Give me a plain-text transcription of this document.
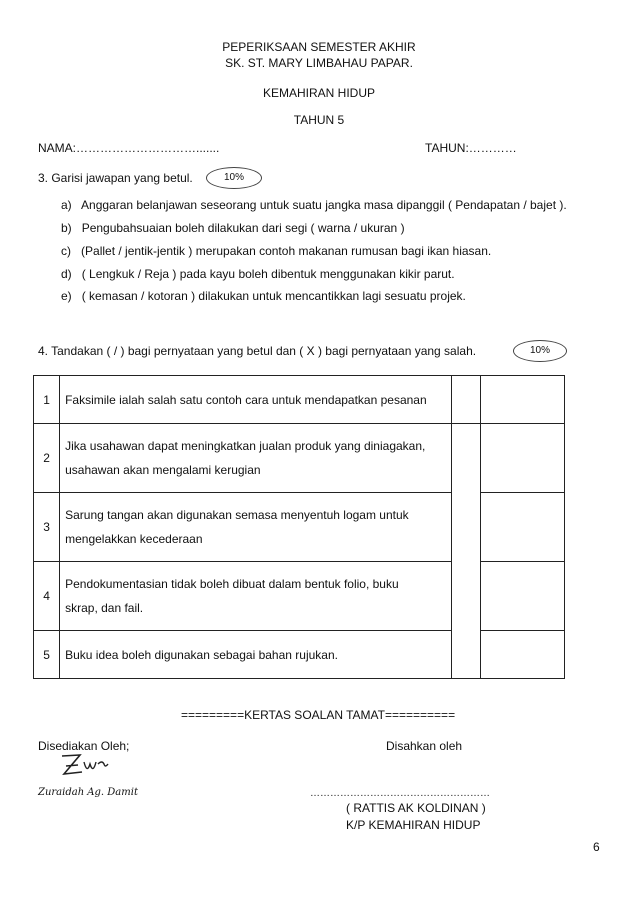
PEPERIKSAAN SEMESTER AKHIR
SK. ST. MARY LIMBAHAU PAPAR.
KEMAHIRAN HIDUP
TAHUN 5
NAMA:………………………….......	TAHUN:…………
3. Garisi jawapan yang betul.	10%
a) Anggaran belanjawan seseorang untuk suatu jangka masa dipanggil ( Pendapatan / bajet ).
b) Pengubahsuaian boleh dilakukan dari segi ( warna / ukuran )
c) (Pallet / jentik-jentik ) merupakan contoh makanan rumusan bagi ikan hiasan.
d) ( Lengkuk / Reja ) pada kayu boleh dibentuk menggunakan kikir parut.
e) ( kemasan / kotoran ) dilakukan untuk mencantikkan lagi sesuatu projek.
4. Tandakan ( / ) bagi pernyataan yang betul dan ( X ) bagi pernyataan yang salah.	10%
1	Faksimile ialah salah satu contoh cara untuk mendapatkan pesanan		

2	Jika usahawan dapat meningkatkan jualan produk yang diniagakan,
usahawan akan mengalami kerugian		

3	Sarung tangan akan digunakan semasa menyentuh logam untuk
mengelakkan kecederaan		

4	Pendokumentasian tidak boleh dibuat dalam bentuk folio, buku
skrap, dan fail.		

5	Buku idea boleh digunakan sebagai bahan rujukan.		

=========KERTAS SOALAN TAMAT==========
Disediakan Oleh;	Disahkan oleh
Zuraidah Ag. Damit	………………………………………………
( RATTIS AK KOLDINAN )
K/P KEMAHIRAN HIDUP
6
